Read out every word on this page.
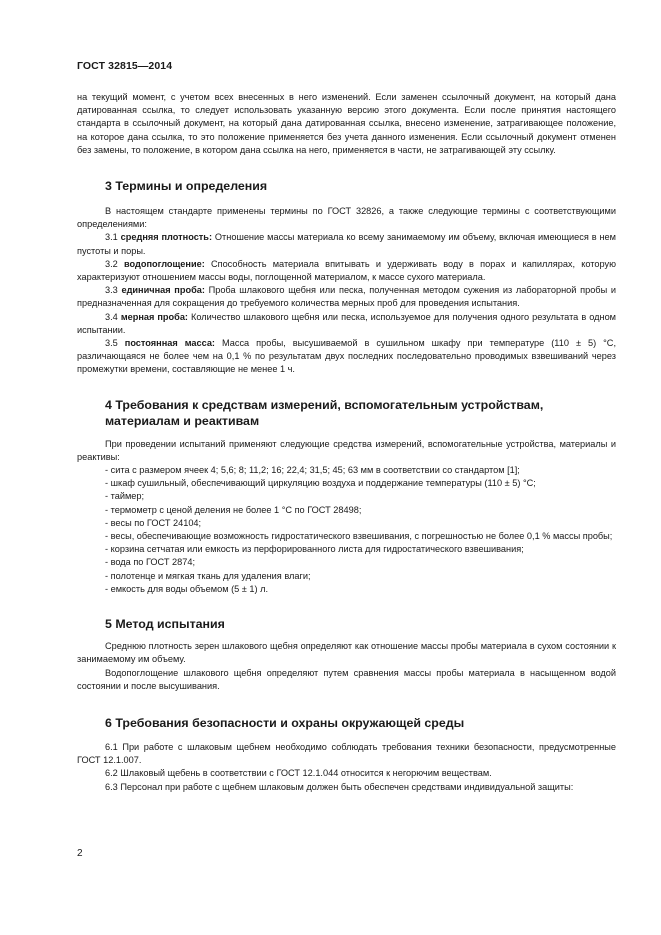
ГОСТ 32815—2014

на текущий момент, с учетом всех внесенных в него изменений. Если заменен ссылочный документ, на который дана датированная ссылка, то следует использовать указанную версию этого документа. Если после принятия настоящего стандарта в ссылочный документ, на который дана датированная ссылка, внесено изменение, затрагивающее положение, на которое дана ссылка, то это положение применяется без учета данного изменения. Если ссылочный документ отменен без замены, то положение, в котором дана ссылка на него, применяется в части, не затрагивающей эту ссылку.

3 Термины и определения

В настоящем стандарте применены термины по ГОСТ 32826, а также следующие термины с соответствующими определениями:

3.1 средняя плотность: Отношение массы материала ко всему занимаемому им объему, включая имеющиеся в нем пустоты и поры.

3.2 водопоглощение: Способность материала впитывать и удерживать воду в порах и капиллярах, которую характеризуют отношением массы воды, поглощенной материалом, к массе сухого материала.

3.3 единичная проба: Проба шлакового щебня или песка, полученная методом сужения из лабораторной пробы и предназначенная для сокращения до требуемого количества мерных проб для проведения испытания.

3.4 мерная проба: Количество шлакового щебня или песка, используемое для получения одного результата в одном испытании.

3.5 постоянная масса: Масса пробы, высушиваемой в сушильном шкафу при температуре (110 ± 5) °С, различающаяся не более чем на 0,1 % по результатам двух последних последовательно проводимых взвешиваний через промежутки времени, составляющие не менее 1 ч.

4 Требования к средствам измерений, вспомогательным устройствам,
материалам и реактивам

При проведении испытаний применяют следующие средства измерений, вспомогательные устройства, материалы и реактивы:

- сита с размером ячеек 4; 5,6; 8; 11,2; 16; 22,4; 31,5; 45; 63 мм в соответствии со стандартом [1];

- шкаф сушильный, обеспечивающий циркуляцию воздуха и поддержание температуры (110 ± 5) °С;

- таймер;

- термометр с ценой деления не более 1 °С по ГОСТ 28498;

- весы по ГОСТ 24104;

- весы, обеспечивающие возможность гидростатического взвешивания, с погрешностью не более 0,1 % массы пробы;

- корзина сетчатая или емкость из перфорированного листа для гидростатического взвешивания;

- вода по ГОСТ 2874;

- полотенце и мягкая ткань для удаления влаги;

- емкость для воды объемом (5 ± 1) л.

5 Метод испытания

Среднюю плотность зерен шлакового щебня определяют как отношение массы пробы материала в сухом состоянии к занимаемому им объему.

Водопоглощение шлакового щебня определяют путем сравнения массы пробы материала в насыщенном водой состоянии и после высушивания.

6 Требования безопасности и охраны окружающей среды

6.1 При работе с шлаковым щебнем необходимо соблюдать требования техники безопасности, предусмотренные ГОСТ 12.1.007.

6.2 Шлаковый щебень в соответствии с ГОСТ 12.1.044 относится к негорючим веществам.

6.3 Персонал при работе с щебнем шлаковым должен быть обеспечен средствами индивидуальной защиты:

2
